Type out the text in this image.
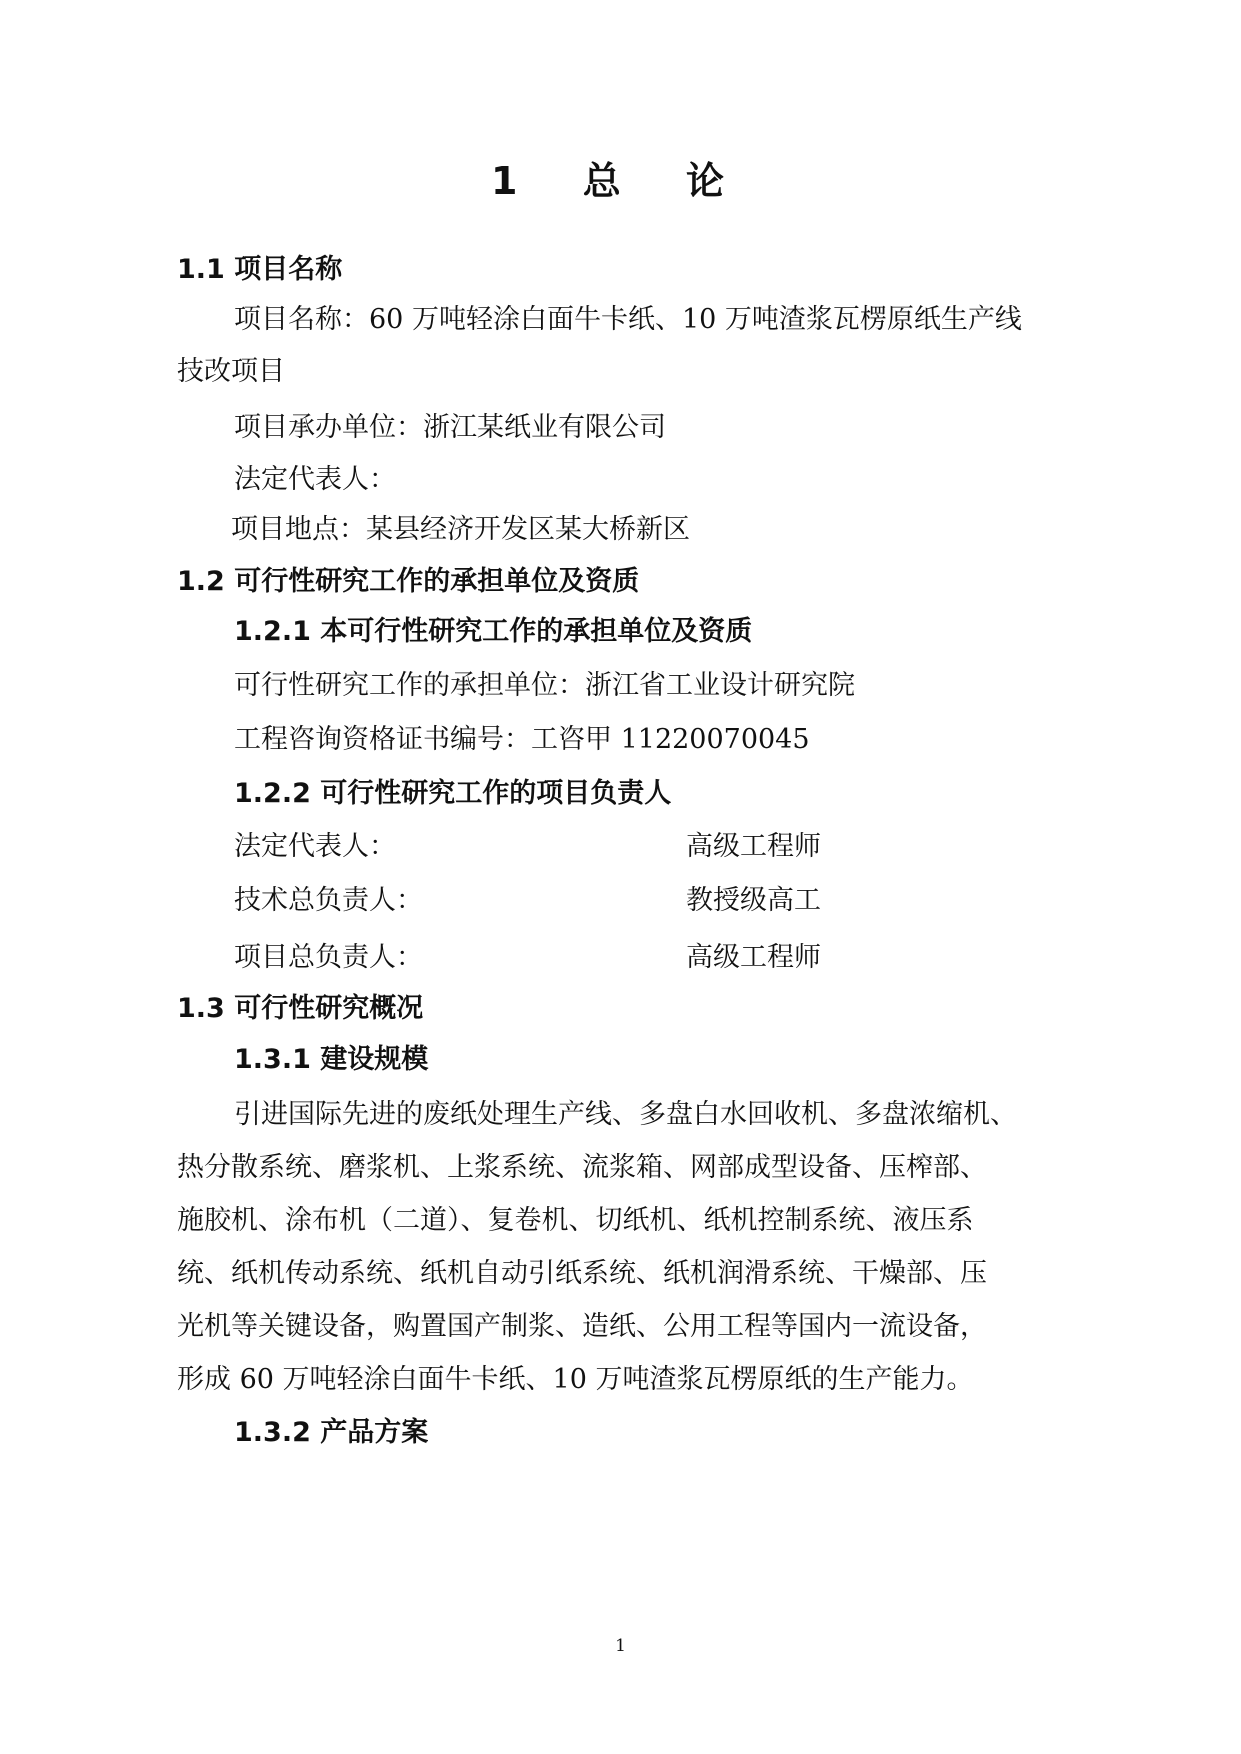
1 总 论
1.1 项目名称
项目名称：60 万吨轻涂白面牛卡纸、10 万吨渣浆瓦楞原纸生产线
技改项目
项目承办单位：浙江某纸业有限公司
法定代表人：
项目地点：某县经济开发区某大桥新区
1.2 可行性研究工作的承担单位及资质
1.2.1 本可行性研究工作的承担单位及资质
可行性研究工作的承担单位：浙江省工业设计研究院
工程咨询资格证书编号：工咨甲 11220070045
1.2.2 可行性研究工作的项目负责人
法定代表人：	高级工程师
技术总负责人：	教授级高工
项目总负责人：	高级工程师
1.3 可行性研究概况
1.3.1 建设规模
引进国际先进的废纸处理生产线、多盘白水回收机、多盘浓缩机、
热分散系统、磨浆机、上浆系统、流浆箱、网部成型设备、压榨部、
施胶机、涂布机（二道）、复卷机、切纸机、纸机控制系统、液压系
统、纸机传动系统、纸机自动引纸系统、纸机润滑系统、干燥部、压
光机等关键设备，购置国产制浆、造纸、公用工程等国内一流设备，
形成 60 万吨轻涂白面牛卡纸、10 万吨渣浆瓦楞原纸的生产能力。
1.3.2 产品方案
1
